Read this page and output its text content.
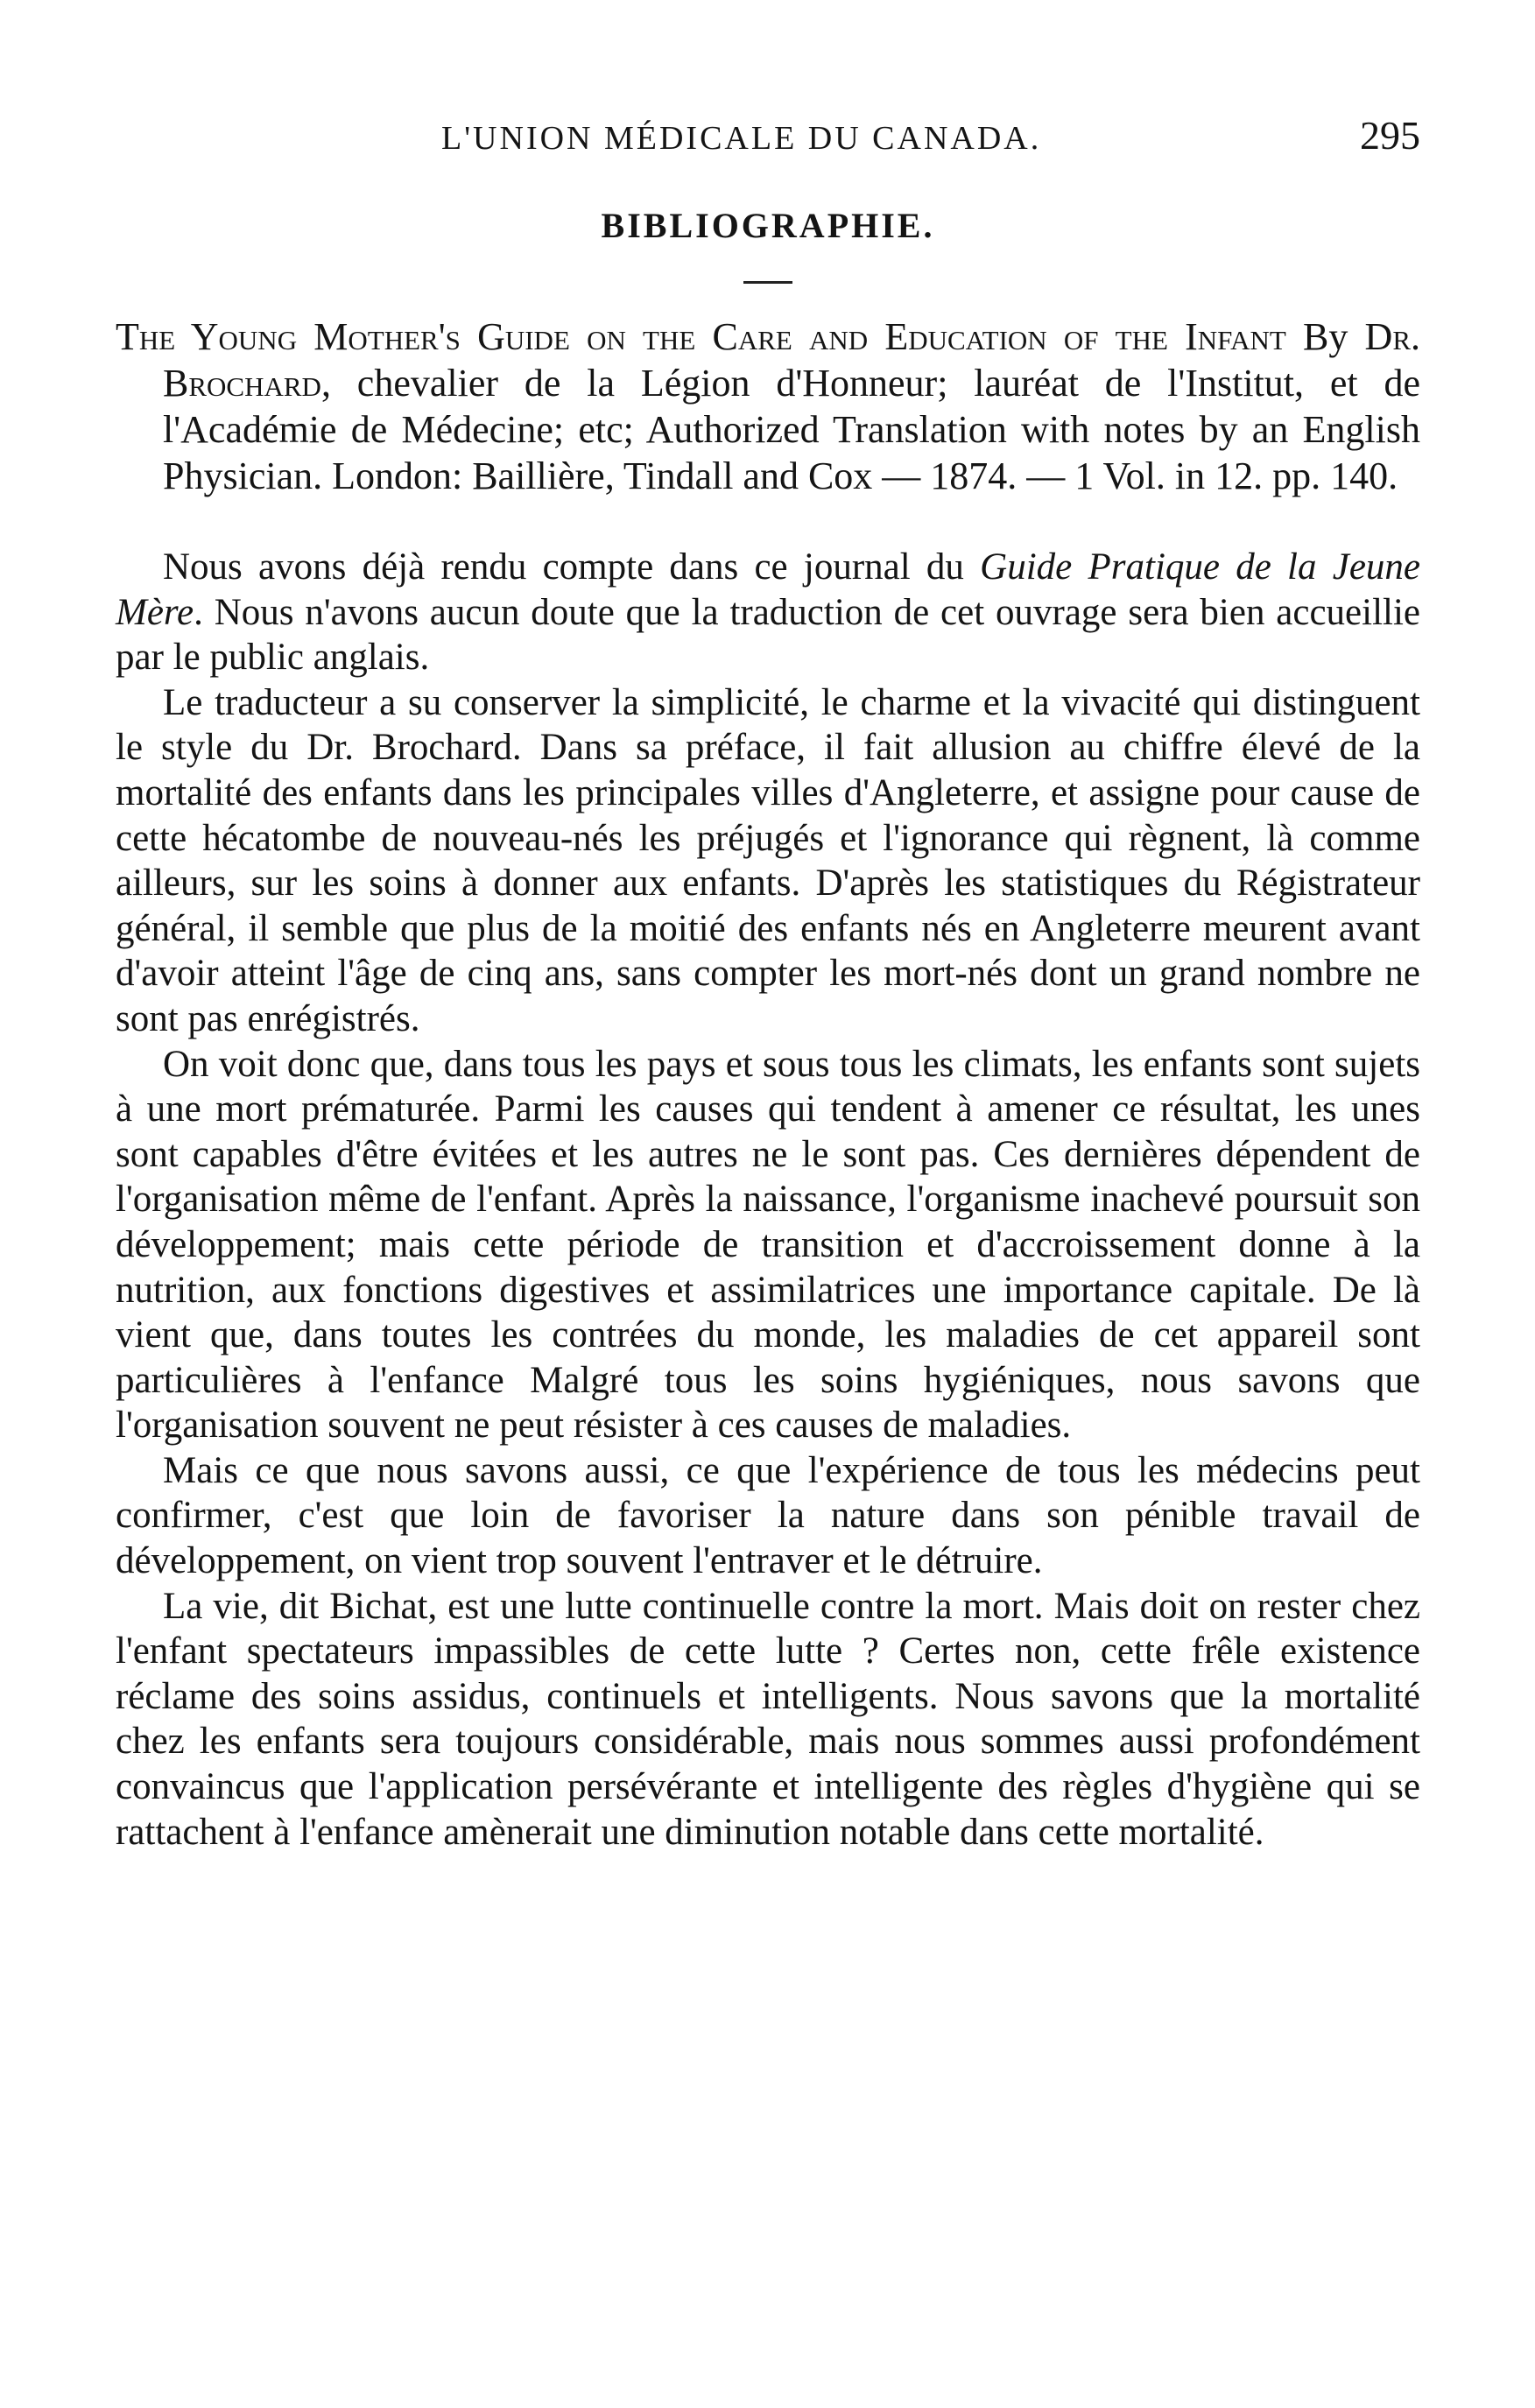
L'UNION MÉDICALE DU CANADA.	295
BIBLIOGRAPHIE.

The Young Mother's Guide on the Care and Education of the Infant By Dr. Brochard, chevalier de la Légion d'Honneur; lauréat de l'Institut, et de l'Académie de Médecine; etc; Authorized Translation with notes by an English Physician. London: Baillière, Tindall and Cox — 1874. — 1 Vol. in 12. pp. 140.

Nous avons déjà rendu compte dans ce journal du Guide Pratique de la Jeune Mère. Nous n'avons aucun doute que la traduction de cet ouvrage sera bien accueillie par le public anglais.

Le traducteur a su conserver la simplicité, le charme et la vivacité qui distinguent le style du Dr. Brochard. Dans sa préface, il fait allusion au chiffre élevé de la mortalité des enfants dans les principales villes d'Angleterre, et assigne pour cause de cette hécatombe de nouveau-nés les préjugés et l'ignorance qui règnent, là comme ailleurs, sur les soins à donner aux enfants. D'après les statistiques du Régistrateur général, il semble que plus de la moitié des enfants nés en Angleterre meurent avant d'avoir atteint l'âge de cinq ans, sans compter les mort-nés dont un grand nombre ne sont pas enrégistrés.

On voit donc que, dans tous les pays et sous tous les climats, les enfants sont sujets à une mort prématurée. Parmi les causes qui tendent à amener ce résultat, les unes sont capables d'être évitées et les autres ne le sont pas. Ces dernières dépendent de l'organisation même de l'enfant. Après la naissance, l'organisme inachevé poursuit son développement; mais cette période de transition et d'accroissement donne à la nutrition, aux fonctions digestives et assimilatrices une importance capitale. De là vient que, dans toutes les contrées du monde, les maladies de cet appareil sont particulières à l'enfance Malgré tous les soins hygiéniques, nous savons que l'organisation souvent ne peut résister à ces causes de maladies.

Mais ce que nous savons aussi, ce que l'expérience de tous les médecins peut confirmer, c'est que loin de favoriser la nature dans son pénible travail de développement, on vient trop souvent l'entraver et le détruire.

La vie, dit Bichat, est une lutte continuelle contre la mort. Mais doit on rester chez l'enfant spectateurs impassibles de cette lutte ? Certes non, cette frêle existence réclame des soins assidus, continuels et intelligents. Nous savons que la mortalité chez les enfants sera toujours considérable, mais nous sommes aussi profondément convaincus que l'application persévérante et intelligente des règles d'hygiène qui se rattachent à l'enfance amènerait une diminution notable dans cette mortalité.
